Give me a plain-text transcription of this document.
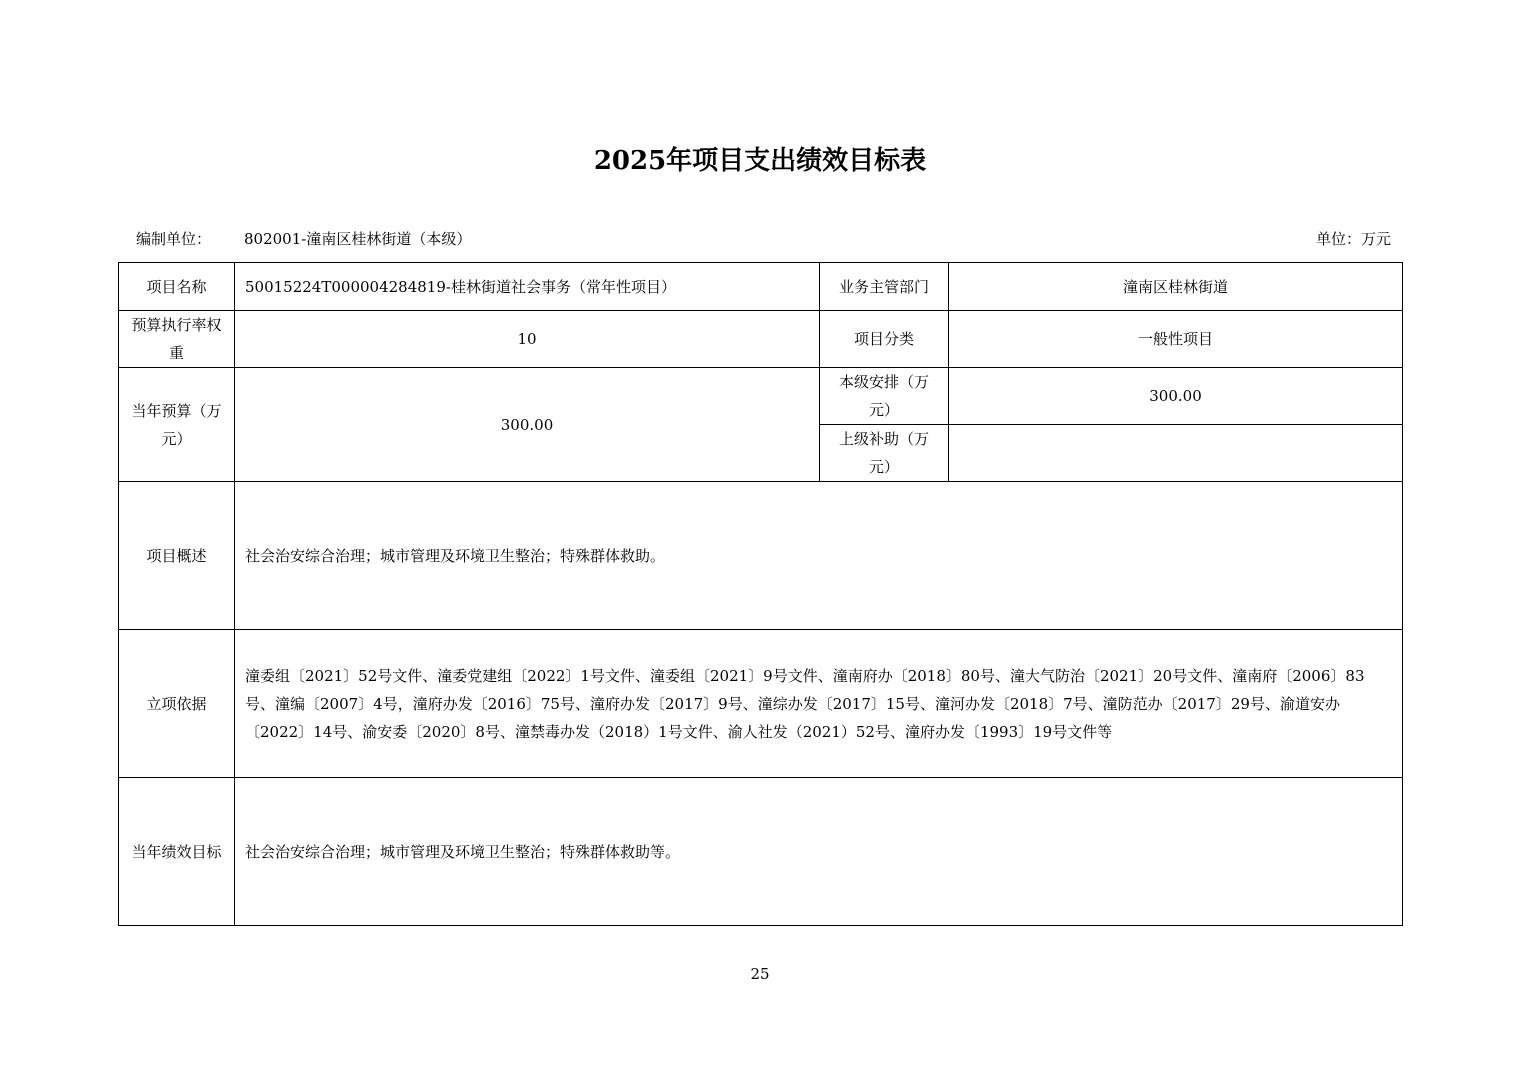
2025年项目支出绩效目标表
编制单位： 802001-潼南区桂林街道（本级）	单位：万元
项目名称	50015224T000004284819-桂林街道社会事务（常年性项目）	业务主管部门	潼南区桂林街道
预算执行率权重	10	项目分类	一般性项目
当年预算（万元）	300.00	本级安排（万元）	300.00
		上级补助（万元）	
项目概述	社会治安综合治理；城市管理及环境卫生整治；特殊群体救助。		
立项依据	潼委组〔2021〕52号文件、潼委党建组〔2022〕1号文件、潼委组〔2021〕9号文件、潼南府办〔2018〕80号、潼大气防治〔2021〕20号文件、潼南府〔2006〕83号、潼编〔2007〕4号，潼府办发〔2016〕75号、潼府办发〔2017〕9号、潼综办发〔2017〕15号、潼河办发〔2018〕7号、潼防范办〔2017〕29号、渝道安办〔2022〕14号、渝安委〔2020〕8号、潼禁毒办发（2018）1号文件、渝人社发（2021）52号、潼府办发〔1993〕19号文件等		
当年绩效目标	社会治安综合治理；城市管理及环境卫生整治；特殊群体救助等。		
25
